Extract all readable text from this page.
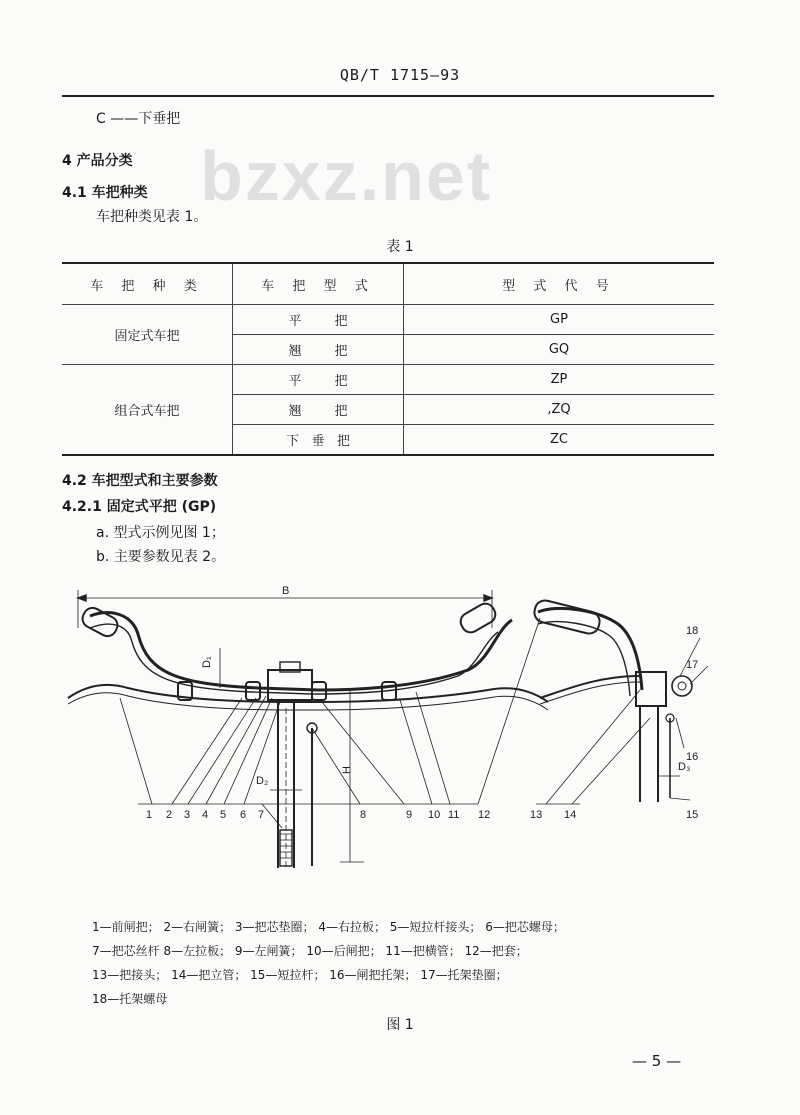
QB/T 1715—93
bzxz.net
C ——下垂把
4 产品分类
4.1 车把种类
车把种类见表 1。
表 1
车 把 种 类	车 把 型 式	型 式 代 号
固定式车把	平        把	GP
	翘        把	GQ
组合式车把	平        把	ZP
	翘        把	,ZQ
	下   垂   把	ZC
4.2 车把型式和主要参数
4.2.1 固定式平把 (GP)
a. 型式示例见图 1；
b. 主要参数见表 2。
B
D₁
D₂
H	D₃
1 2 3 4 5 6 7	8	9 10 11 12	13 14	15
16
17
18
1—前闸把； 2—右闸簧； 3—把芯垫圈； 4—右拉板； 5—短拉杆接头； 6—把芯螺母；
7—把芯丝杆 8—左拉板； 9—左闸簧； 10—后闸把； 11—把横管； 12—把套；
13—把接头； 14—把立管； 15—短拉杆； 16—闸把托架； 17—托架垫圈；
18—托架螺母
图 1
— 5 —
